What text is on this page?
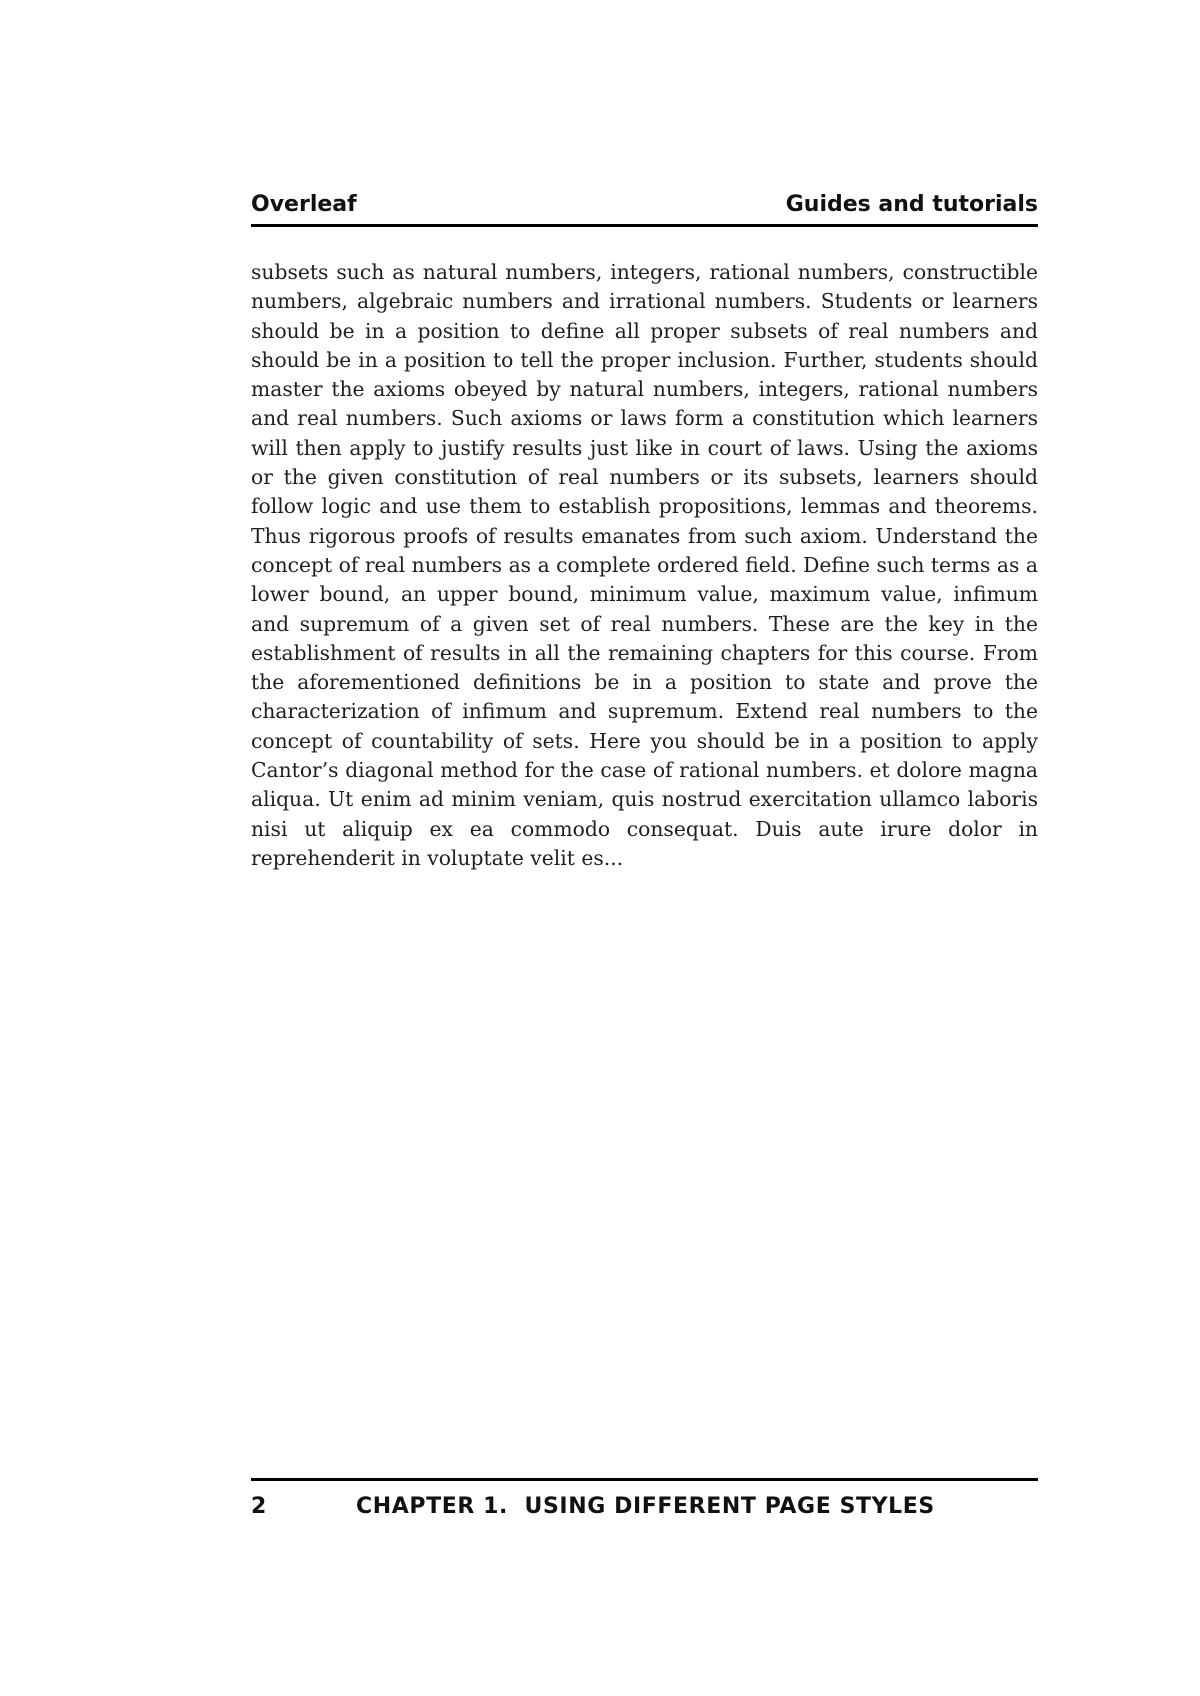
Overleaf	Guides and tutorials

subsets such as natural numbers, integers, rational numbers, constructible numbers, algebraic numbers and irrational numbers. Students or learners should be in a position to define all proper subsets of real numbers and should be in a position to tell the proper inclusion. Further, students should master the axioms obeyed by natural numbers, integers, rational numbers and real numbers. Such axioms or laws form a constitution which learners will then apply to justify results just like in court of laws. Using the axioms or the given constitution of real numbers or its subsets, learners should follow logic and use them to establish propositions, lemmas and theorems. Thus rigorous proofs of results emanates from such axiom. Understand the concept of real numbers as a complete ordered field. Define such terms as a lower bound, an upper bound, minimum value, maximum value, infimum and supremum of a given set of real numbers. These are the key in the establishment of results in all the remaining chapters for this course. From the aforementioned definitions be in a position to state and prove the characterization of infimum and supremum. Extend real numbers to the concept of countability of sets. Here you should be in a position to apply Cantor’s diagonal method for the case of rational numbers. et dolore magna aliqua. Ut enim ad minim veniam, quis nostrud exercitation ullamco laboris nisi ut aliquip ex ea commodo consequat. Duis aute irure dolor in reprehenderit in voluptate velit es...

2	CHAPTER 1.  USING DIFFERENT PAGE STYLES
